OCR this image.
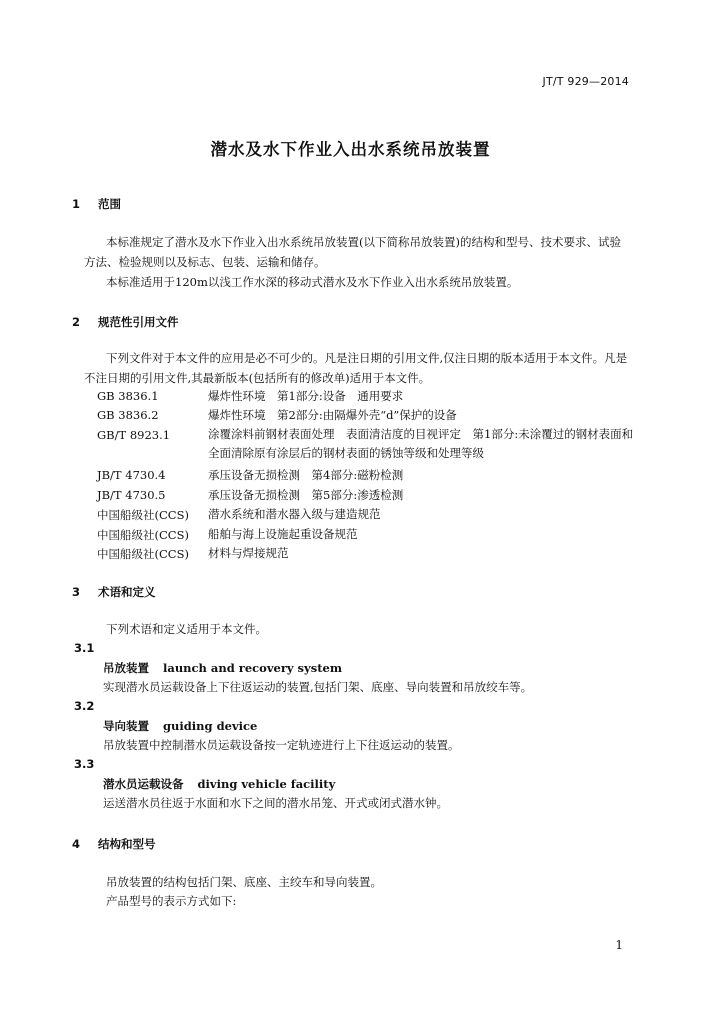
JT/T 929—2014
潜水及水下作业入出水系统吊放装置
1 范围
本标准规定了潜水及水下作业入出水系统吊放装置(以下简称吊放装置)的结构和型号、技术要求、试验方法、检验规则以及标志、包装、运输和储存。
本标准适用于120m以浅工作水深的移动式潜水及水下作业入出水系统吊放装置。
2 规范性引用文件
下列文件对于本文件的应用是必不可少的。凡是注日期的引用文件,仅注日期的版本适用于本文件。凡是不注日期的引用文件,其最新版本(包括所有的修改单)适用于本文件。
GB 3836.1	爆炸性环境　第1部分:设备　通用要求
GB 3836.2	爆炸性环境　第2部分:由隔爆外壳“d”保护的设备
GB/T 8923.1	涂覆涂料前钢材表面处理　表面清洁度的目视评定　第1部分:未涂覆过的钢材表面和全面清除原有涂层后的钢材表面的锈蚀等级和处理等级
JB/T 4730.4	承压设备无损检测　第4部分:磁粉检测
JB/T 4730.5	承压设备无损检测　第5部分:渗透检测
中国船级社(CCS) 潜水系统和潜水器入级与建造规范
中国船级社(CCS) 船舶与海上设施起重设备规范
中国船级社(CCS) 材料与焊接规范
3 术语和定义
下列术语和定义适用于本文件。
3.1
吊放装置 launch and recovery system
实现潜水员运载设备上下往返运动的装置,包括门架、底座、导向装置和吊放绞车等。
3.2
导向装置 guiding device
吊放装置中控制潜水员运载设备按一定轨迹进行上下往返运动的装置。
3.3
潜水员运载设备 diving vehicle facility
运送潜水员往返于水面和水下之间的潜水吊笼、开式或闭式潜水钟。
4 结构和型号
吊放装置的结构包括门架、底座、主绞车和导向装置。
产品型号的表示方式如下:
1
